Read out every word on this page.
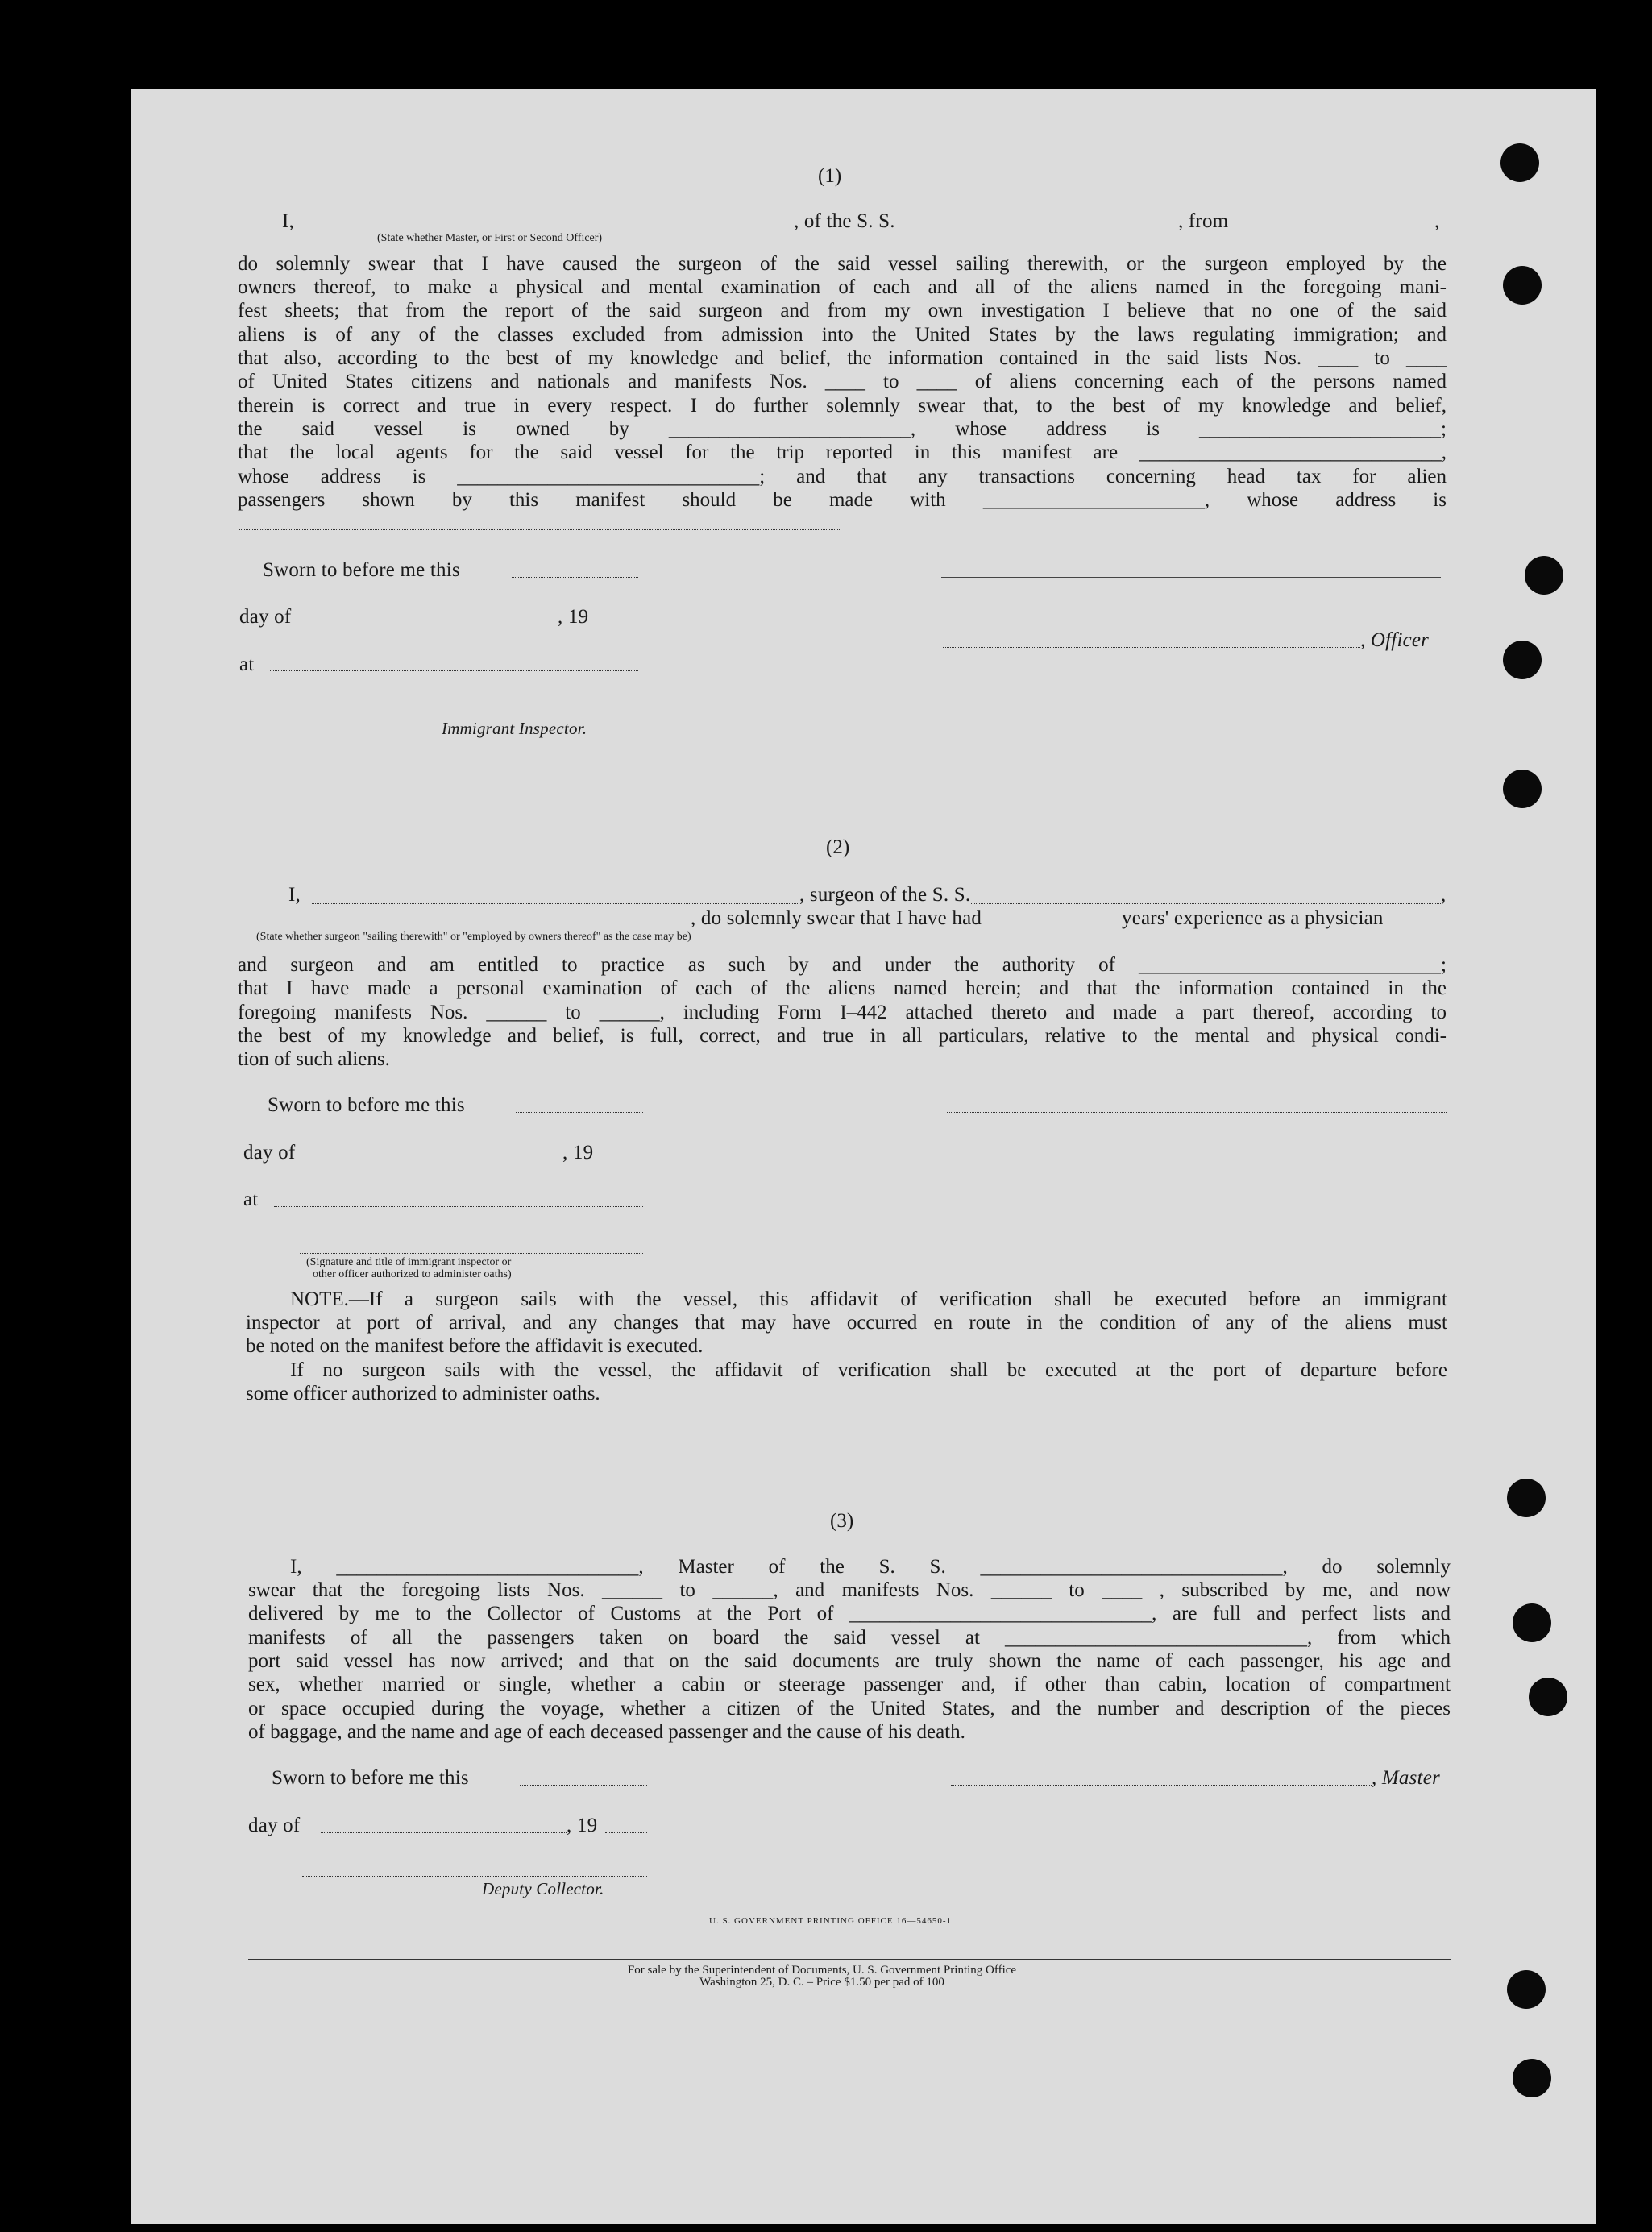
(1)
I,	, of the S. S.	, from	,
(State whether Master, or First or Second Officer)
do solemnly swear that I have caused the surgeon of the said vessel sailing therewith, or the surgeon employed by the
owners thereof, to make a physical and mental examination of each and all of the aliens named in the foregoing mani-
fest sheets; that from the report of the said surgeon and from my own investigation I believe that no one of the said
aliens is of any of the classes excluded from admission into the United States by the laws regulating immigration; and
that also, according to the best of my knowledge and belief, the information contained in the said lists Nos. ____ to ____
of United States citizens and nationals and manifests Nos. ____ to ____ of aliens concerning each of the persons named
therein is correct and true in every respect. I do further solemnly swear that, to the best of my knowledge and belief,
the said vessel is owned by ________________________, whose address is ________________________;
that the local agents for the said vessel for the trip reported in this manifest are ______________________________,
whose address is ______________________________; and that any transactions concerning head tax for alien
passengers shown by this manifest should be made with ______________________, whose address is
Sworn to before me this
day of	, 19
, Officer
at
Immigrant Inspector.
(2)
I,	, surgeon of the S. S.	,
, do solemnly swear that I have had	years' experience as a physician
(State whether surgeon "sailing therewith" or "employed by owners thereof" as the case may be)
and surgeon and am entitled to practice as such by and under the authority of ______________________________;
that I have made a personal examination of each of the aliens named herein; and that the information contained in the
foregoing manifests Nos. ______ to ______, including Form I–442 attached thereto and made a part thereof, according to
the best of my knowledge and belief, is full, correct, and true in all particulars, relative to the mental and physical condi-
tion of such aliens.
Sworn to before me this
day of	, 19
at
(Signature and title of immigrant inspector or
other officer authorized to administer oaths)
NOTE.—If a surgeon sails with the vessel, this affidavit of verification shall be executed before an immigrant
inspector at port of arrival, and any changes that may have occurred en route in the condition of any of the aliens must
be noted on the manifest before the affidavit is executed.
If no surgeon sails with the vessel, the affidavit of verification shall be executed at the port of departure before
some officer authorized to administer oaths.
(3)
I, ______________________________, Master of the S. S. ______________________________, do solemnly
swear that the foregoing lists Nos. ______ to ______, and manifests Nos. ______ to ____ , subscribed by me, and now
delivered by me to the Collector of Customs at the Port of ______________________________, are full and perfect lists and
manifests of all the passengers taken on board the said vessel at ______________________________, from which
port said vessel has now arrived; and that on the said documents are truly shown the name of each passenger, his age and
sex, whether married or single, whether a cabin or steerage passenger and, if other than cabin, location of compartment
or space occupied during the voyage, whether a citizen of the United States, and the number and description of the pieces
of baggage, and the name and age of each deceased passenger and the cause of his death.
Sworn to before me this	, Master
day of	, 19
Deputy Collector.
U. S. GOVERNMENT PRINTING OFFICE 16—54650-1
For sale by the Superintendent of Documents, U. S. Government Printing Office
Washington 25, D. C. – Price $1.50 per pad of 100
